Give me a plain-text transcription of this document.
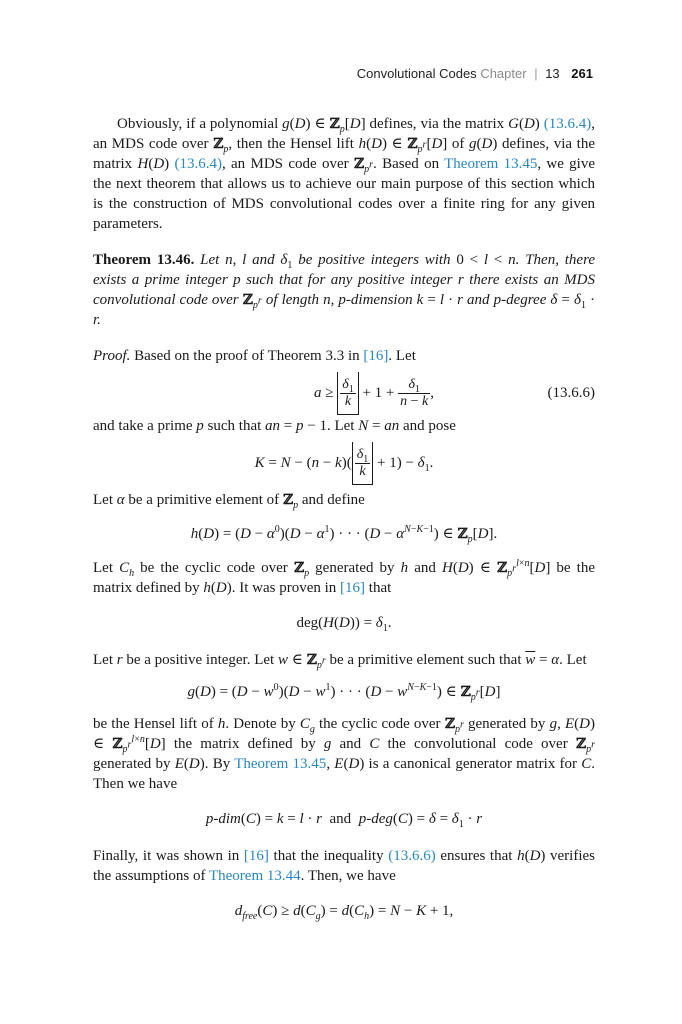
Convolutional Codes Chapter | 13 261

Obviously, if a polynomial g(D) ∈ ℤ$_p$[D] defines, via the matrix G(D) (13.6.4), an MDS code over ℤ$_p$, then the Hensel lift h(D) ∈ ℤ$_{p^r}$[D] of g(D) defines, via the matrix H(D) (13.6.4), an MDS code over ℤ$_{p^r}$. Based on Theorem 13.45, we give the next theorem that allows us to achieve our main purpose of this section which is the construction of MDS convolutional codes over a finite ring for any given parameters.

Theorem 13.46. Let n, l and $\delta_1$ be positive integers with 0 < l < n. Then, there exists a prime integer p such that for any positive integer r there exists an MDS convolutional code over ℤ$_{p^r}$ of length n, p-dimension k = l · r and p-degree $\delta = \delta_1 \cdot r$.

Proof. Based on the proof of Theorem 3.3 in [16]. Let

$a \ge \frac{\delta_1}{k} + 1 + \frac{\delta_1}{n - k}$ ,	(13.6.6)

and take a prime p such that an = p − 1. Let N = an and pose

$K = N - (n - k)( \frac{\delta_1}{k} + 1) - \delta_1$.

Let α be a primitive element of ℤ$_p$ and define

$h(D) = (D - \alpha^0)(D - \alpha^1)$ · · · $(D - \alpha^{N-K-1})$ ∈ ℤ$_p$[D].

Let $C_h$ be the cyclic code over ℤ$_p$ generated by h and H(D) ∈ ℤ$_{p^r}^{l\times n}$[D] be the matrix defined by h(D). It was proven in [16] that

$deg(H(D)) = \delta_1$.

Let r be a positive integer. Let w ∈ ℤ$_{p^r}$ be a primitive element such that $\overline{w} = \alpha$. Let

$g(D) = (D - w^0)(D - w^1)$ · · · $(D - w^{N-K-1})$ ∈ ℤ$_{p^r}$[D]

be the Hensel lift of h. Denote by $C_g$ the cyclic code over ℤ$_{p^r}$ generated by g, E(D) ∈ ℤ$_{p^r}^{l\times n}$[D] the matrix defined by g and C the convolutional code over ℤ$_{p^r}$ generated by E(D). By Theorem 13.45, E(D) is a canonical generator matrix for C. Then we have

p-dim(C) = k = l · r  and  $p-deg(C) = \delta = \delta_1 \cdot r$

Finally, it was shown in [16] that the inequality (13.6.6) ensures that h(D) verifies the assumptions of Theorem 13.44. Then, we have

$d_{free}(C) \ge d(C_g) = d(C_h) = N - K + 1$,
